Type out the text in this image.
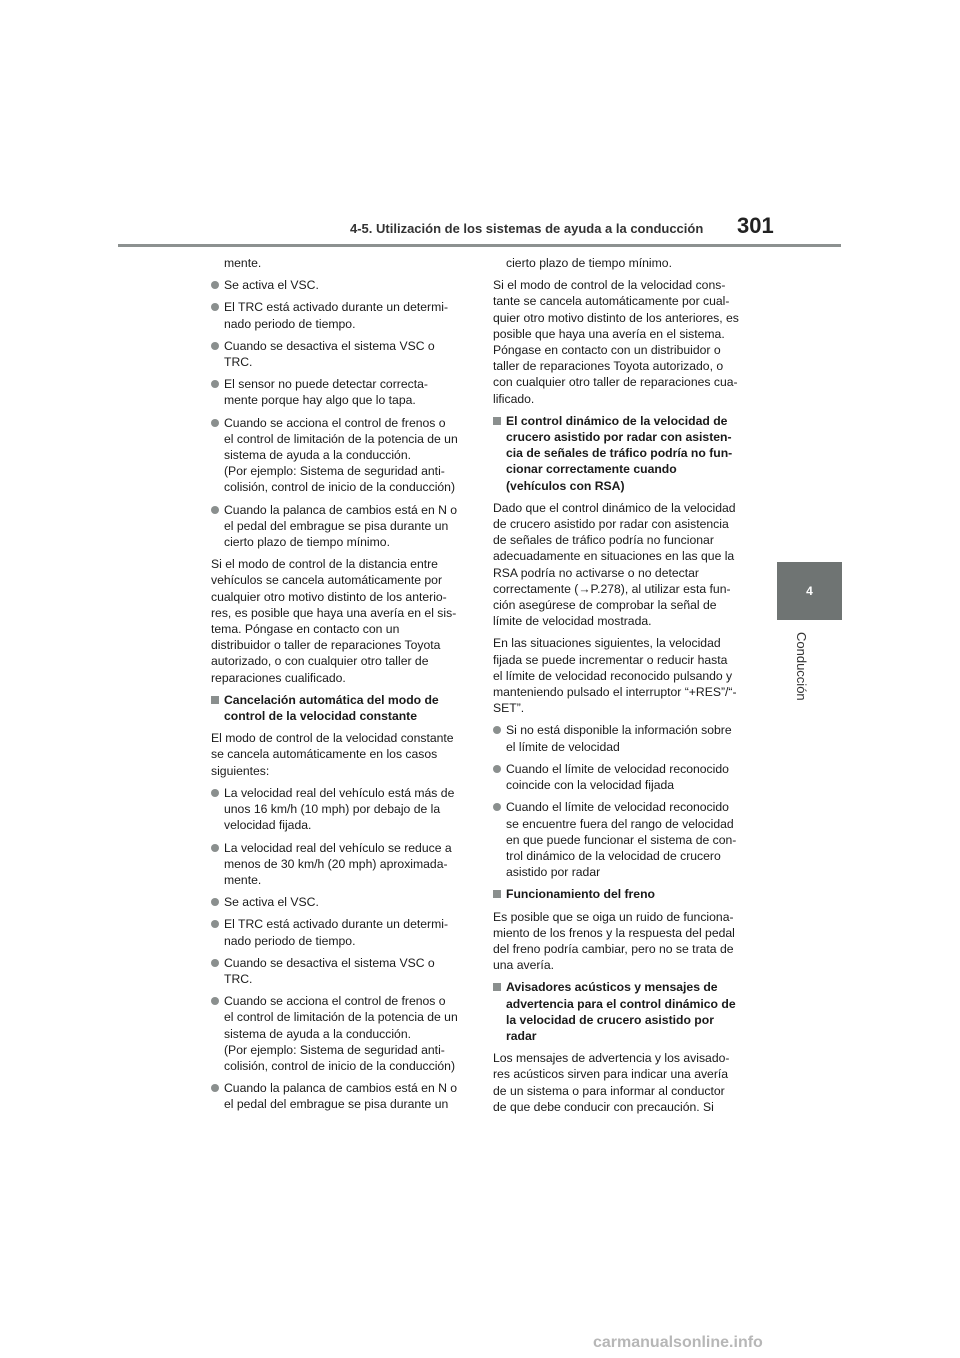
4-5. Utilización de los sistemas de ayuda a la conducción 301
4
Conducción
mente.
Se activa el VSC.
El TRC está activado durante un determi-
nado periodo de tiempo.
Cuando se desactiva el sistema VSC o
TRC.
El sensor no puede detectar correcta-
mente porque hay algo que lo tapa.
Cuando se acciona el control de frenos o
el control de limitación de la potencia de un
sistema de ayuda a la conducción.
(Por ejemplo: Sistema de seguridad anti-
colisión, control de inicio de la conducción)
Cuando la palanca de cambios está en N o
el pedal del embrague se pisa durante un
cierto plazo de tiempo mínimo.
Si el modo de control de la distancia entre
vehículos se cancela automáticamente por
cualquier otro motivo distinto de los anterio-
res, es posible que haya una avería en el sis-
tema. Póngase en contacto con un
distribuidor o taller de reparaciones Toyota
autorizado, o con cualquier otro taller de
reparaciones cualificado.
Cancelación automática del modo de
control de la velocidad constante
El modo de control de la velocidad constante
se cancela automáticamente en los casos
siguientes:
La velocidad real del vehículo está más de
unos 16 km/h (10 mph) por debajo de la
velocidad fijada.
La velocidad real del vehículo se reduce a
menos de 30 km/h (20 mph) aproximada-
mente.
Se activa el VSC.
El TRC está activado durante un determi-
nado periodo de tiempo.
Cuando se desactiva el sistema VSC o
TRC.
Cuando se acciona el control de frenos o
el control de limitación de la potencia de un
sistema de ayuda a la conducción.
(Por ejemplo: Sistema de seguridad anti-
colisión, control de inicio de la conducción)
Cuando la palanca de cambios está en N o
el pedal del embrague se pisa durante un
cierto plazo de tiempo mínimo.
Si el modo de control de la velocidad cons-
tante se cancela automáticamente por cual-
quier otro motivo distinto de los anteriores, es
posible que haya una avería en el sistema.
Póngase en contacto con un distribuidor o
taller de reparaciones Toyota autorizado, o
con cualquier otro taller de reparaciones cua-
lificado.
El control dinámico de la velocidad de
crucero asistido por radar con asisten-
cia de señales de tráfico podría no fun-
cionar correctamente cuando
(vehículos con RSA)
Dado que el control dinámico de la velocidad
de crucero asistido por radar con asistencia
de señales de tráfico podría no funcionar
adecuadamente en situaciones en las que la
RSA podría no activarse o no detectar
correctamente (→P.278), al utilizar esta fun-
ción asegúrese de comprobar la señal de
límite de velocidad mostrada.
En las situaciones siguientes, la velocidad
fijada se puede incrementar o reducir hasta
el límite de velocidad reconocido pulsando y
manteniendo pulsado el interruptor “+RES”/“-
SET”.
Si no está disponible la información sobre
el límite de velocidad
Cuando el límite de velocidad reconocido
coincide con la velocidad fijada
Cuando el límite de velocidad reconocido
se encuentre fuera del rango de velocidad
en que puede funcionar el sistema de con-
trol dinámico de la velocidad de crucero
asistido por radar
Funcionamiento del freno
Es posible que se oiga un ruido de funciona-
miento de los frenos y la respuesta del pedal
del freno podría cambiar, pero no se trata de
una avería.
Avisadores acústicos y mensajes de
advertencia para el control dinámico de
la velocidad de crucero asistido por
radar
Los mensajes de advertencia y los avisado-
res acústicos sirven para indicar una avería
de un sistema o para informar al conductor
de que debe conducir con precaución. Si
carmanualsonline.info
